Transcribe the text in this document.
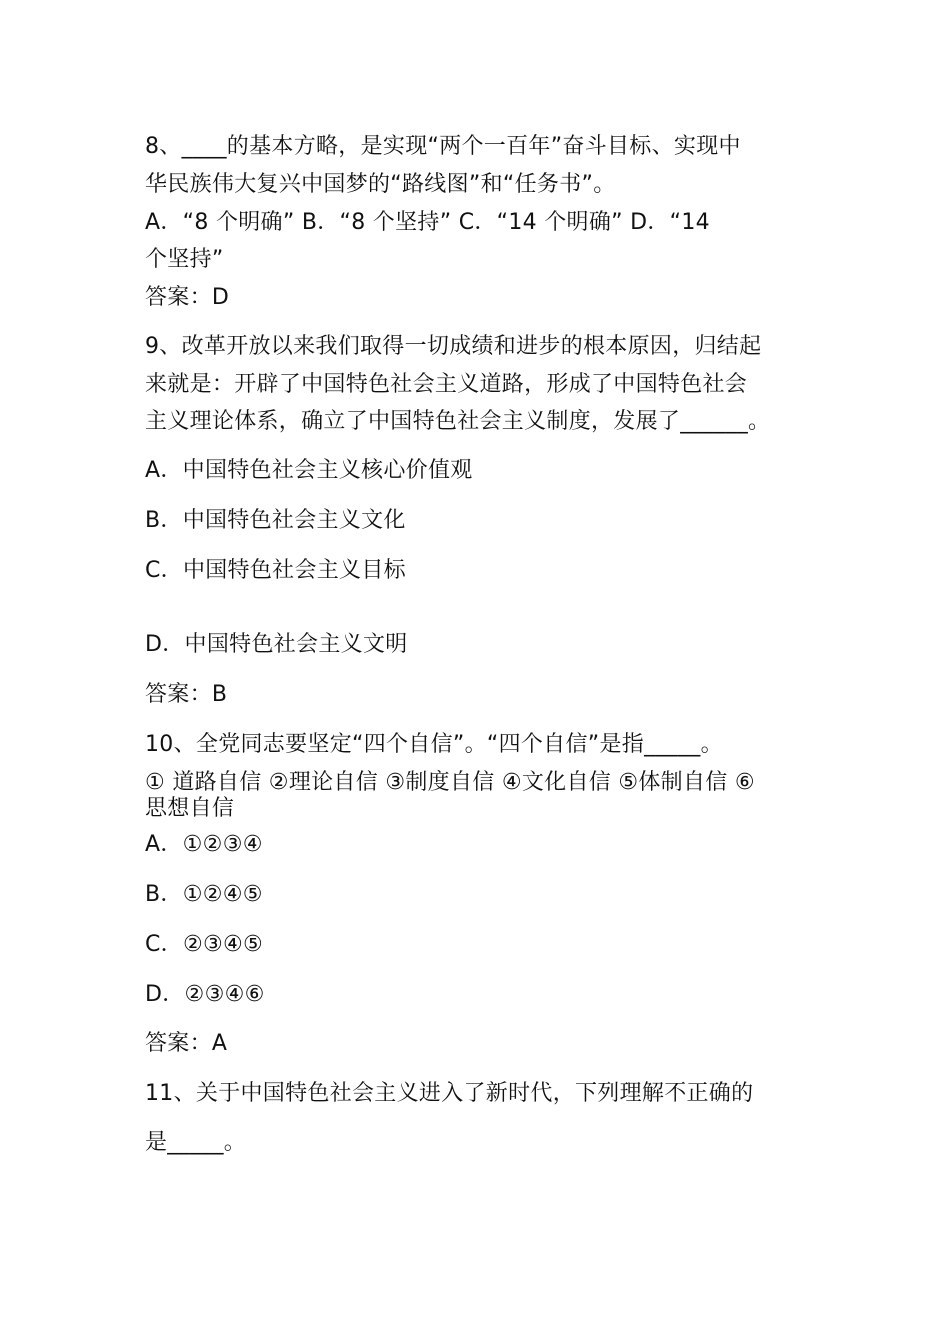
8、____的基本方略，是实现“两个一百年”奋斗目标、实现中
华民族伟大复兴中国梦的“路线图”和“任务书”。
A．“8 个明确” B．“8 个坚持” C．“14 个明确” D．“14
个坚持”
答案：D
9、改革开放以来我们取得一切成绩和进步的根本原因，归结起
来就是：开辟了中国特色社会主义道路，形成了中国特色社会
主义理论体系，确立了中国特色社会主义制度，发展了______。
A．中国特色社会主义核心价值观
B．中国特色社会主义文化
C．中国特色社会主义目标
D．中国特色社会主义文明
答案：B
10、全党同志要坚定“四个自信”。“四个自信”是指_____。
① 道路自信 ②理论自信 ③制度自信 ④文化自信 ⑤体制自信 ⑥
思想自信
A．①②③④
B．①②④⑤
C．②③④⑤
D．②③④⑥
答案：A
11、关于中国特色社会主义进入了新时代，下列理解不正确的
是_____。
